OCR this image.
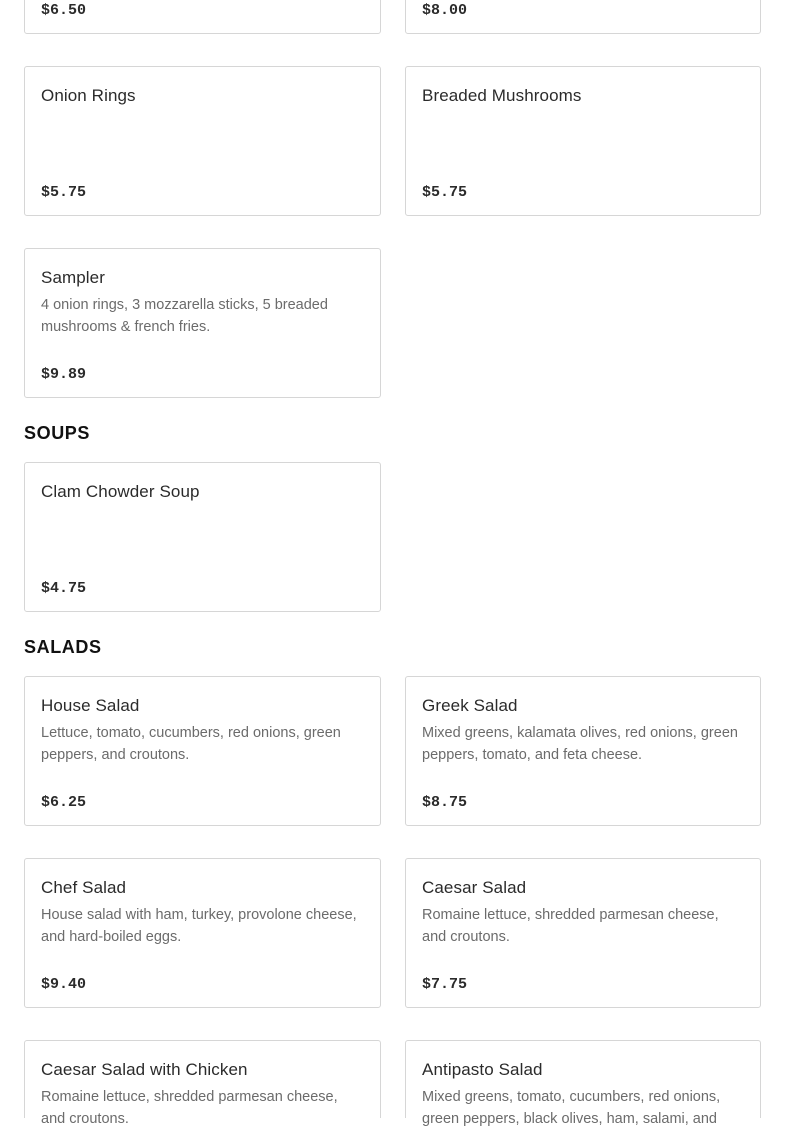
$6.50	$8.00
Onion Rings
$5.75
Breaded Mushrooms
$5.75
Sampler
4 onion rings, 3 mozzarella sticks, 5 breaded mushrooms & french fries.
$9.89
SOUPS
Clam Chowder Soup
$4.75
SALADS
House Salad
Lettuce, tomato, cucumbers, red onions, green peppers, and croutons.
$6.25
Greek Salad
Mixed greens, kalamata olives, red onions, green peppers, tomato, and feta cheese.
$8.75
Chef Salad
House salad with ham, turkey, provolone cheese, and hard-boiled eggs.
$9.40
Caesar Salad
Romaine lettuce, shredded parmesan cheese, and croutons.
$7.75
Caesar Salad with Chicken
Romaine lettuce, shredded parmesan cheese, and croutons.
Antipasto Salad
Mixed greens, tomato, cucumbers, red onions, green peppers, black olives, ham, salami, and
